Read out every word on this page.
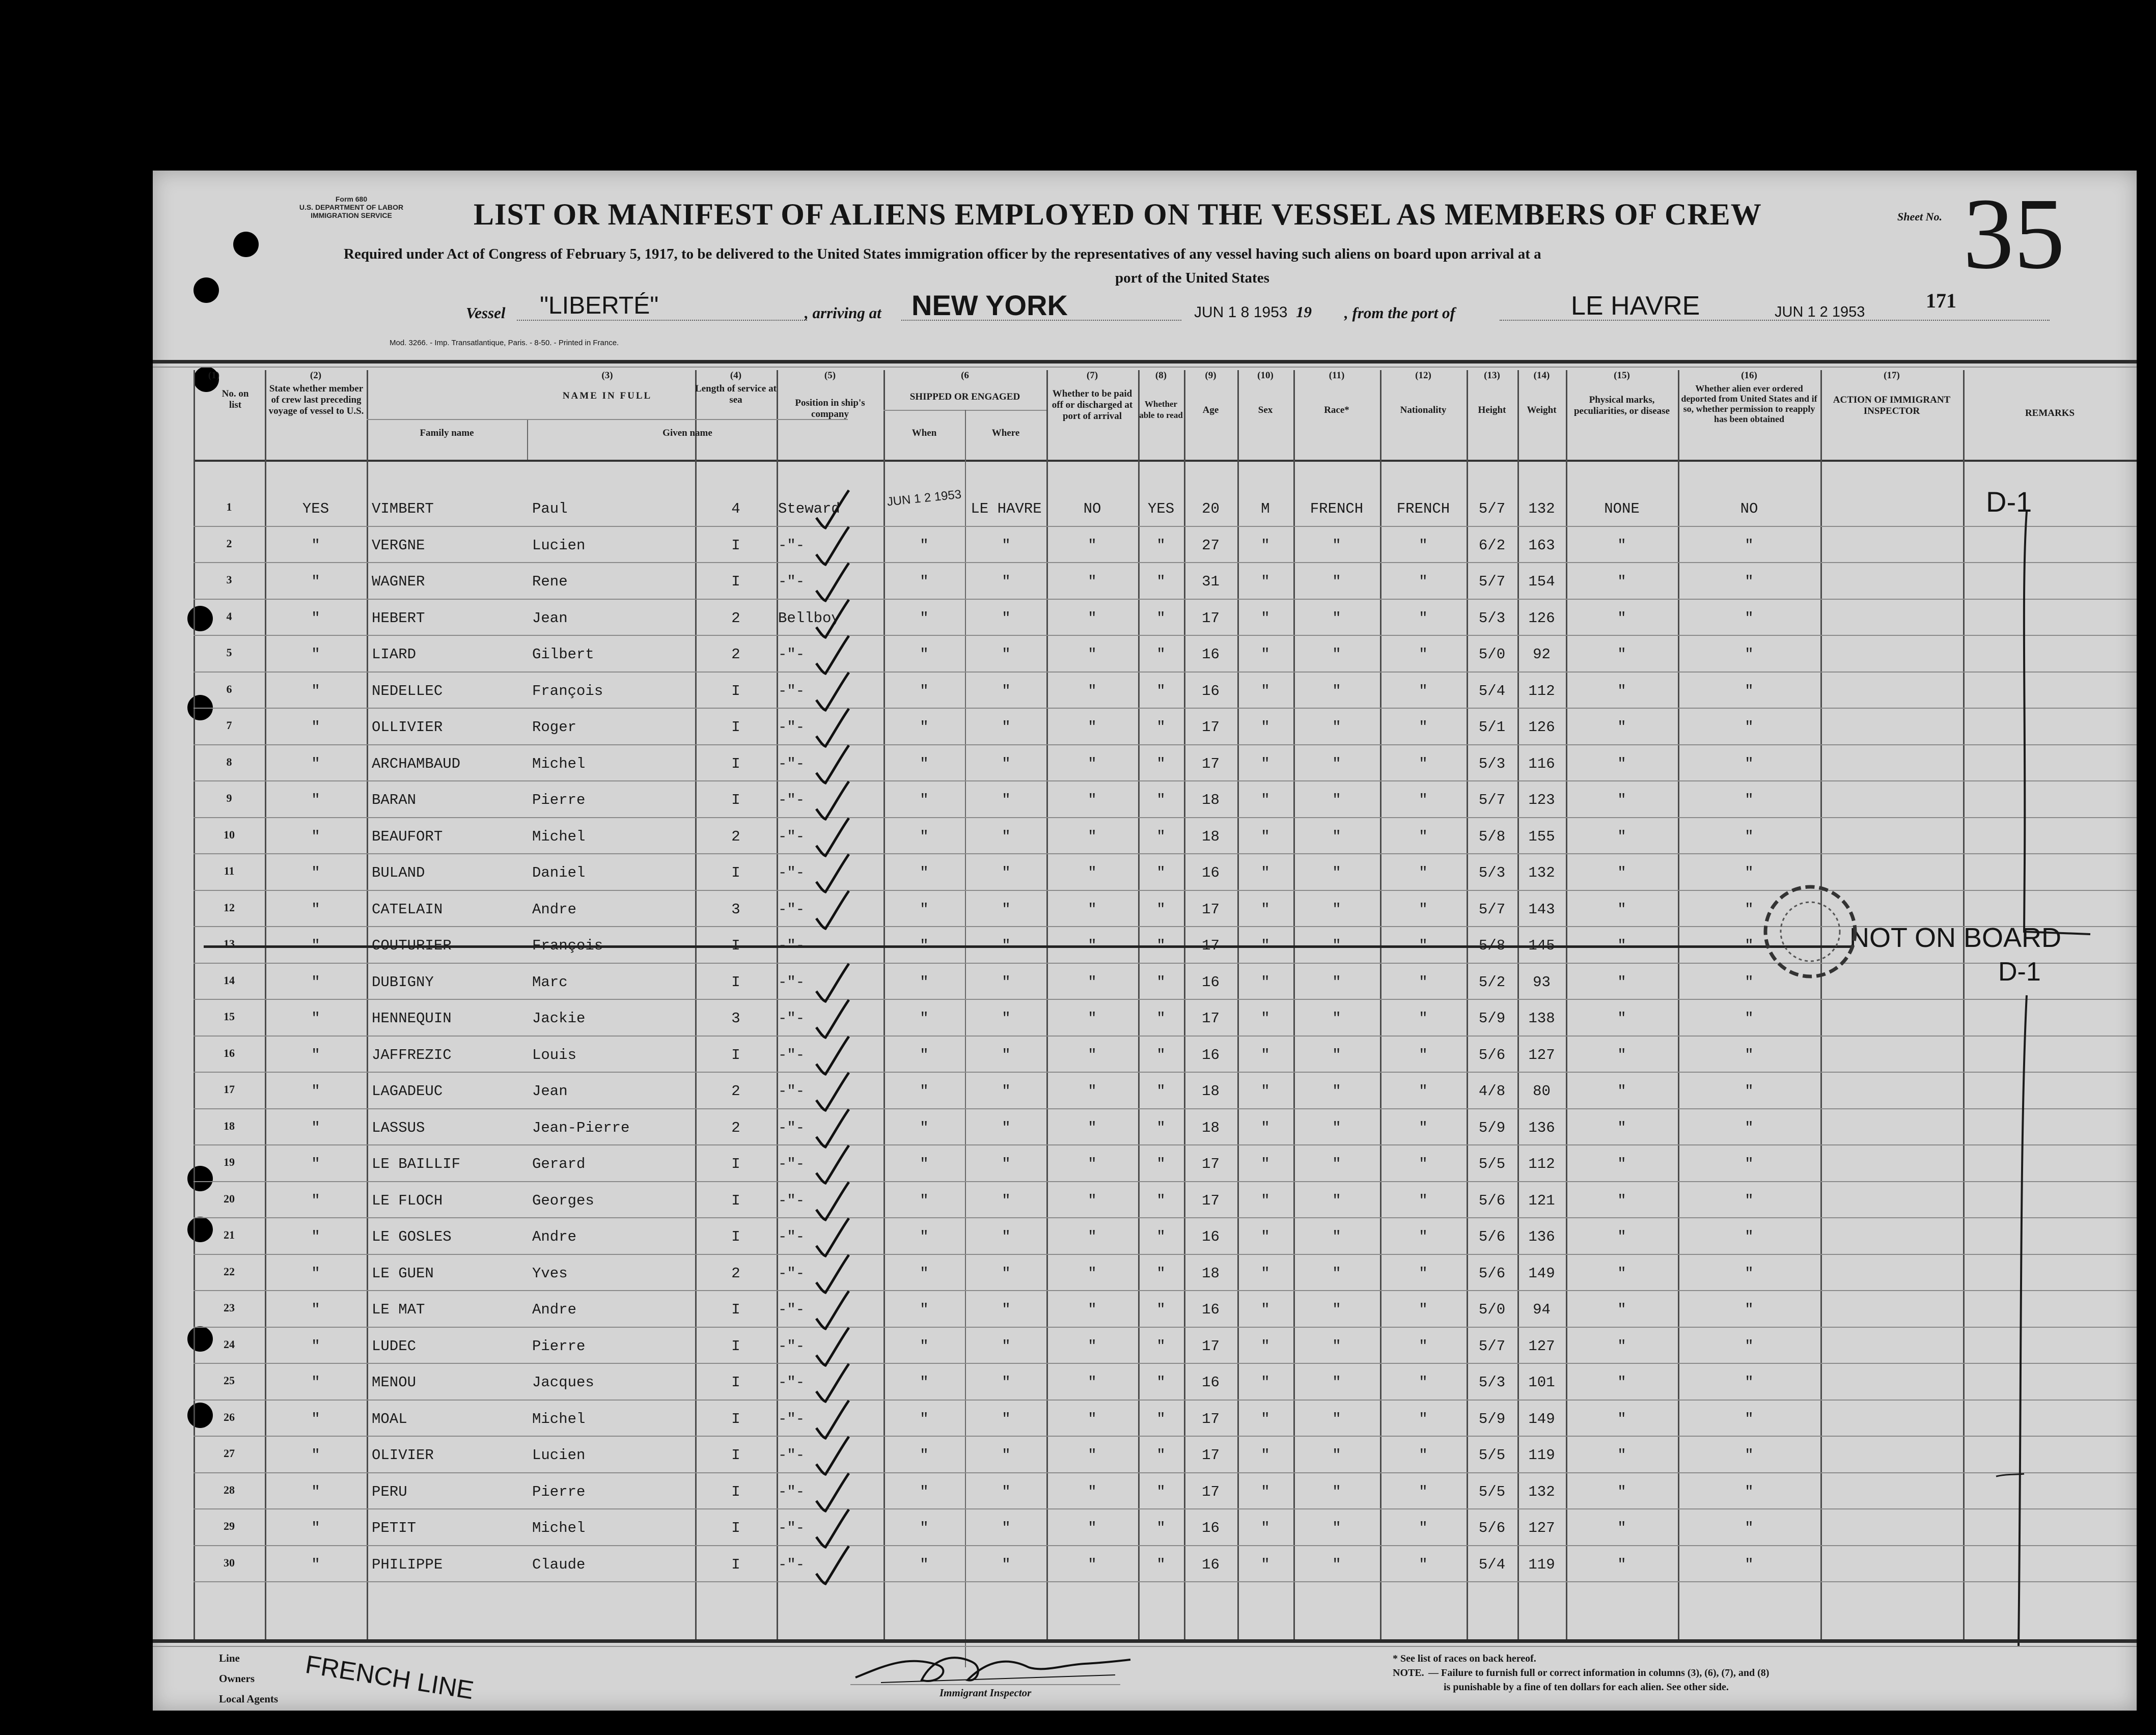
Form 680
U.S. DEPARTMENT OF LABOR
IMMIGRATION SERVICE	LIST OR MANIFEST OF ALIENS EMPLOYED ON THE VESSEL AS MEMBERS OF CREW	Sheet No. 35
Required under Act of Congress of February 5, 1917, to be delivered to the United States immigration officer by the representatives of any vessel having such aliens on board upon arrival at a
port of the United States
Vessel "LIBERTÉ"	, arriving at NEW YORK	JUN 1 8 1953 19 , from the port of	LE HAVRE	JUN 1 2 1953	171
Mod. 3266. - Imp. Transatlantique, Paris. - 8-50. - Printed in France.
(1)
No. on list
(2)
State whether member of crew last preceding voyage of vessel to U.S.
(3)
NAME IN FULL
Family name	Given name
(4)
Length of service at sea
(5)
Position in ship's company
(6
SHIPPED OR ENGAGED
When	Where
(7)
Whether to be paid off or discharged at port of arrival
(8)
Whether able to read
(9)
Age
(10)
Sex
(11)
Race*
(12)
Nationality
(13)
Height
(14)
Weight
(15)
Physical marks, peculiarities, or disease
(16)
Whether alien ever ordered deported from United States and if so, whether permission to reapply has been obtained
(17)
ACTION OF IMMIGRANT INSPECTOR	REMARKS
1	YES	VIMBERT	Paul	4	Steward	JUN 1 2 1953 LE HAVRE	NO	YES	20	M	FRENCH	FRENCH	5/7	132	NONE	NO
2	"	VERGNE	Lucien	I	-"-	"	"	"	"	27	"	"	"	6/2	163	"	"
3	"	WAGNER	Rene	I	-"-	"	"	"	"	31	"	"	"	5/7	154	"	"
4	"	HEBERT	Jean	2	Bellboy	"	"	"	"	17	"	"	"	5/3	126	"	"
5	"	LIARD	Gilbert	2	-"-	"	"	"	"	16	"	"	"	5/0	92	"	"
6	"	NEDELLEC	François	I	-"-	"	"	"	"	16	"	"	"	5/4	112	"	"
7	"	OLLIVIER	Roger	I	-"-	"	"	"	"	17	"	"	"	5/1	126	"	"
8	"	ARCHAMBAUD	Michel	I	-"-	"	"	"	"	17	"	"	"	5/3	116	"	"
9	"	BARAN	Pierre	I	-"-	"	"	"	"	18	"	"	"	5/7	123	"	"
10	"	BEAUFORT	Michel	2	-"-	"	"	"	"	18	"	"	"	5/8	155	"	"
11	"	BULAND	Daniel	I	-"-	"	"	"	"	16	"	"	"	5/3	132	"	"
12	"	CATELAIN	Andre	3	-"-	"	"	"	"	17	"	"	"	5/7	143	"	"
13	"	COUTURIER	François	I	-"-	"	"	"	"	17	"	"	"	5/8	145	"	"
14	"	DUBIGNY	Marc	I	-"-	"	"	"	"	16	"	"	"	5/2	93	"	"
15	"	HENNEQUIN	Jackie	3	-"-	"	"	"	"	17	"	"	"	5/9	138	"	"
16	"	JAFFREZIC	Louis	I	-"-	"	"	"	"	16	"	"	"	5/6	127	"	"
17	"	LAGADEUC	Jean	2	-"-	"	"	"	"	18	"	"	"	4/8	80	"	"
18	"	LASSUS	Jean-Pierre	2	-"-	"	"	"	"	18	"	"	"	5/9	136	"	"
19	"	LE BAILLIF	Gerard	I	-"-	"	"	"	"	17	"	"	"	5/5	112	"	"
20	"	LE FLOCH	Georges	I	-"-	"	"	"	"	17	"	"	"	5/6	121	"	"
21	"	LE GOSLES	Andre	I	-"-	"	"	"	"	16	"	"	"	5/6	136	"	"
22	"	LE GUEN	Yves	2	-"-	"	"	"	"	18	"	"	"	5/6	149	"	"
23	"	LE MAT	Andre	I	-"-	"	"	"	"	16	"	"	"	5/0	94	"	"
24	"	LUDEC	Pierre	I	-"-	"	"	"	"	17	"	"	"	5/7	127	"	"
25	"	MENOU	Jacques	I	-"-	"	"	"	"	16	"	"	"	5/3	101	"	"
26	"	MOAL	Michel	I	-"-	"	"	"	"	17	"	"	"	5/9	149	"	"
27	"	OLIVIER	Lucien	I	-"-	"	"	"	"	17	"	"	"	5/5	119	"	"
28	"	PERU	Pierre	I	-"-	"	"	"	"	17	"	"	"	5/5	132	"	"
29	"	PETIT	Michel	I	-"-	"	"	"	"	16	"	"	"	5/6	127	"	"
30	"	PHILIPPE	Claude	I	-"-	"	"	"	"	16	"	"	"	5/4	119	"	"
D-1
NOT ON BOARD
D-1
Line
Owners
Local Agents FRENCH LINE	Immigrant Inspector
* See list of races on back hereof.
NOTE. — Failure to furnish full or correct information in columns (3), (6), (7), and (8)
is punishable by a fine of ten dollars for each alien. See other side.
